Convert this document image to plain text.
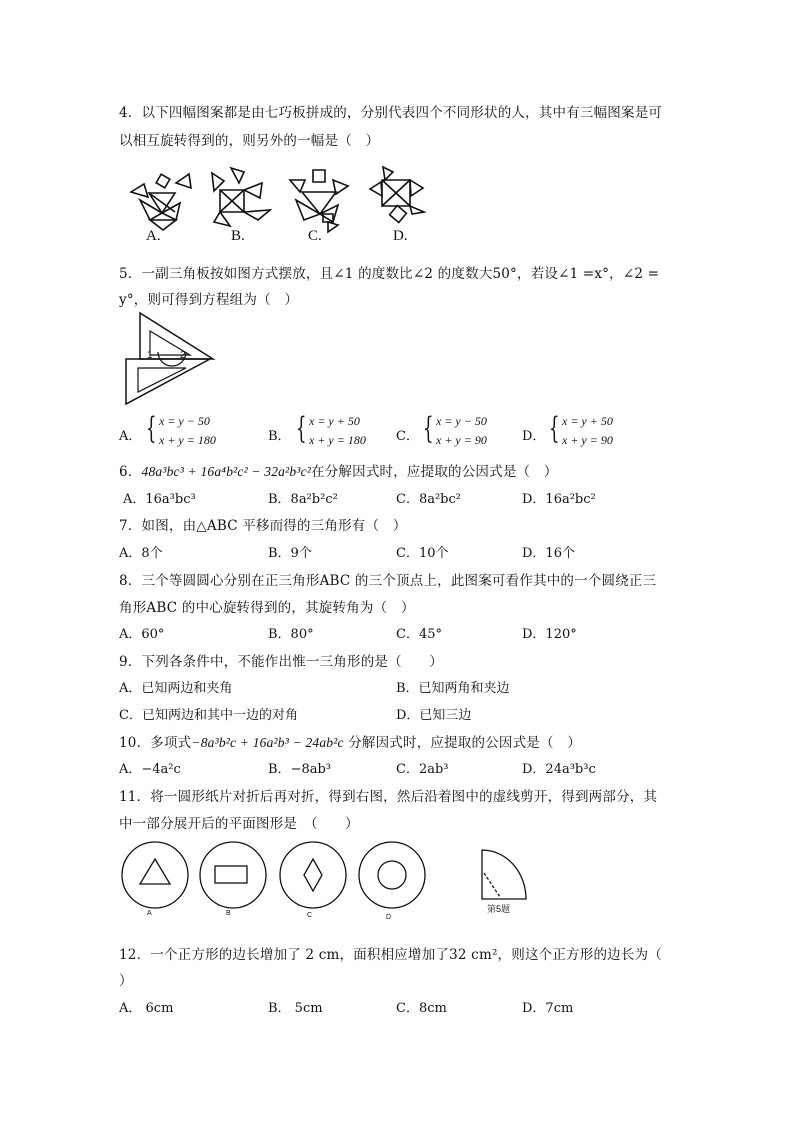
4．以下四幅图案都是由七巧板拼成的，分别代表四个不同形状的人，其中有三幅图案是可
以相互旋转得到的，则另外的一幅是（　）
A.	B.	C.	D.
5．一副三角板按如图方式摆放，且∠1 的度数比∠2 的度数大50°，若设∠1 =x°，∠2 =
y°，则可得到方程组为（　）
1	2
A． { x = y − 50
x + y = 180	B． { x = y + 50
x + y = 180 C． { x = y − 50
x + y = 90	D． { x = y + 50
x + y = 90
6．48a³bc³ + 16a⁴b²c² − 32a²b³c²在分解因式时，应提取的公因式是（　）
A．16a³bc³	B．8a²b²c²	C．8a²bc²	D．16a²bc²
7．如图，由△ABC 平移而得的三角形有（　）
A．8个	B．9个	C．10个	D．16个
8．三个等圆圆心分别在正三角形ABC 的三个顶点上，此图案可看作其中的一个圆绕正三
角形ABC 的中心旋转得到的，其旋转角为（　）
A．60°	B．80°	C．45°	D．120°
9．下列各条件中，不能作出惟一三角形的是（　　）
A．已知两边和夹角	B．已知两角和夹边
C．已知两边和其中一边的对角	D．已知三边
10．多项式−8a³b²c + 16a²b³ − 24ab²c 分解因式时，应提取的公因式是（　）
A．−4a²c	B．−8ab³	C．2ab³	D．24a³b³c
11．将一圆形纸片对折后再对折，得到右图，然后沿着图中的虚线剪开，得到两部分，其
中一部分展开后的平面图形是　（　　）
A	B	C	D
第5题
12．一个正方形的边长增加了 2 cm，面积相应增加了32 cm²，则这个正方形的边长为（
）
A． 6cm	B． 5cm	C．8cm	D．7cm
